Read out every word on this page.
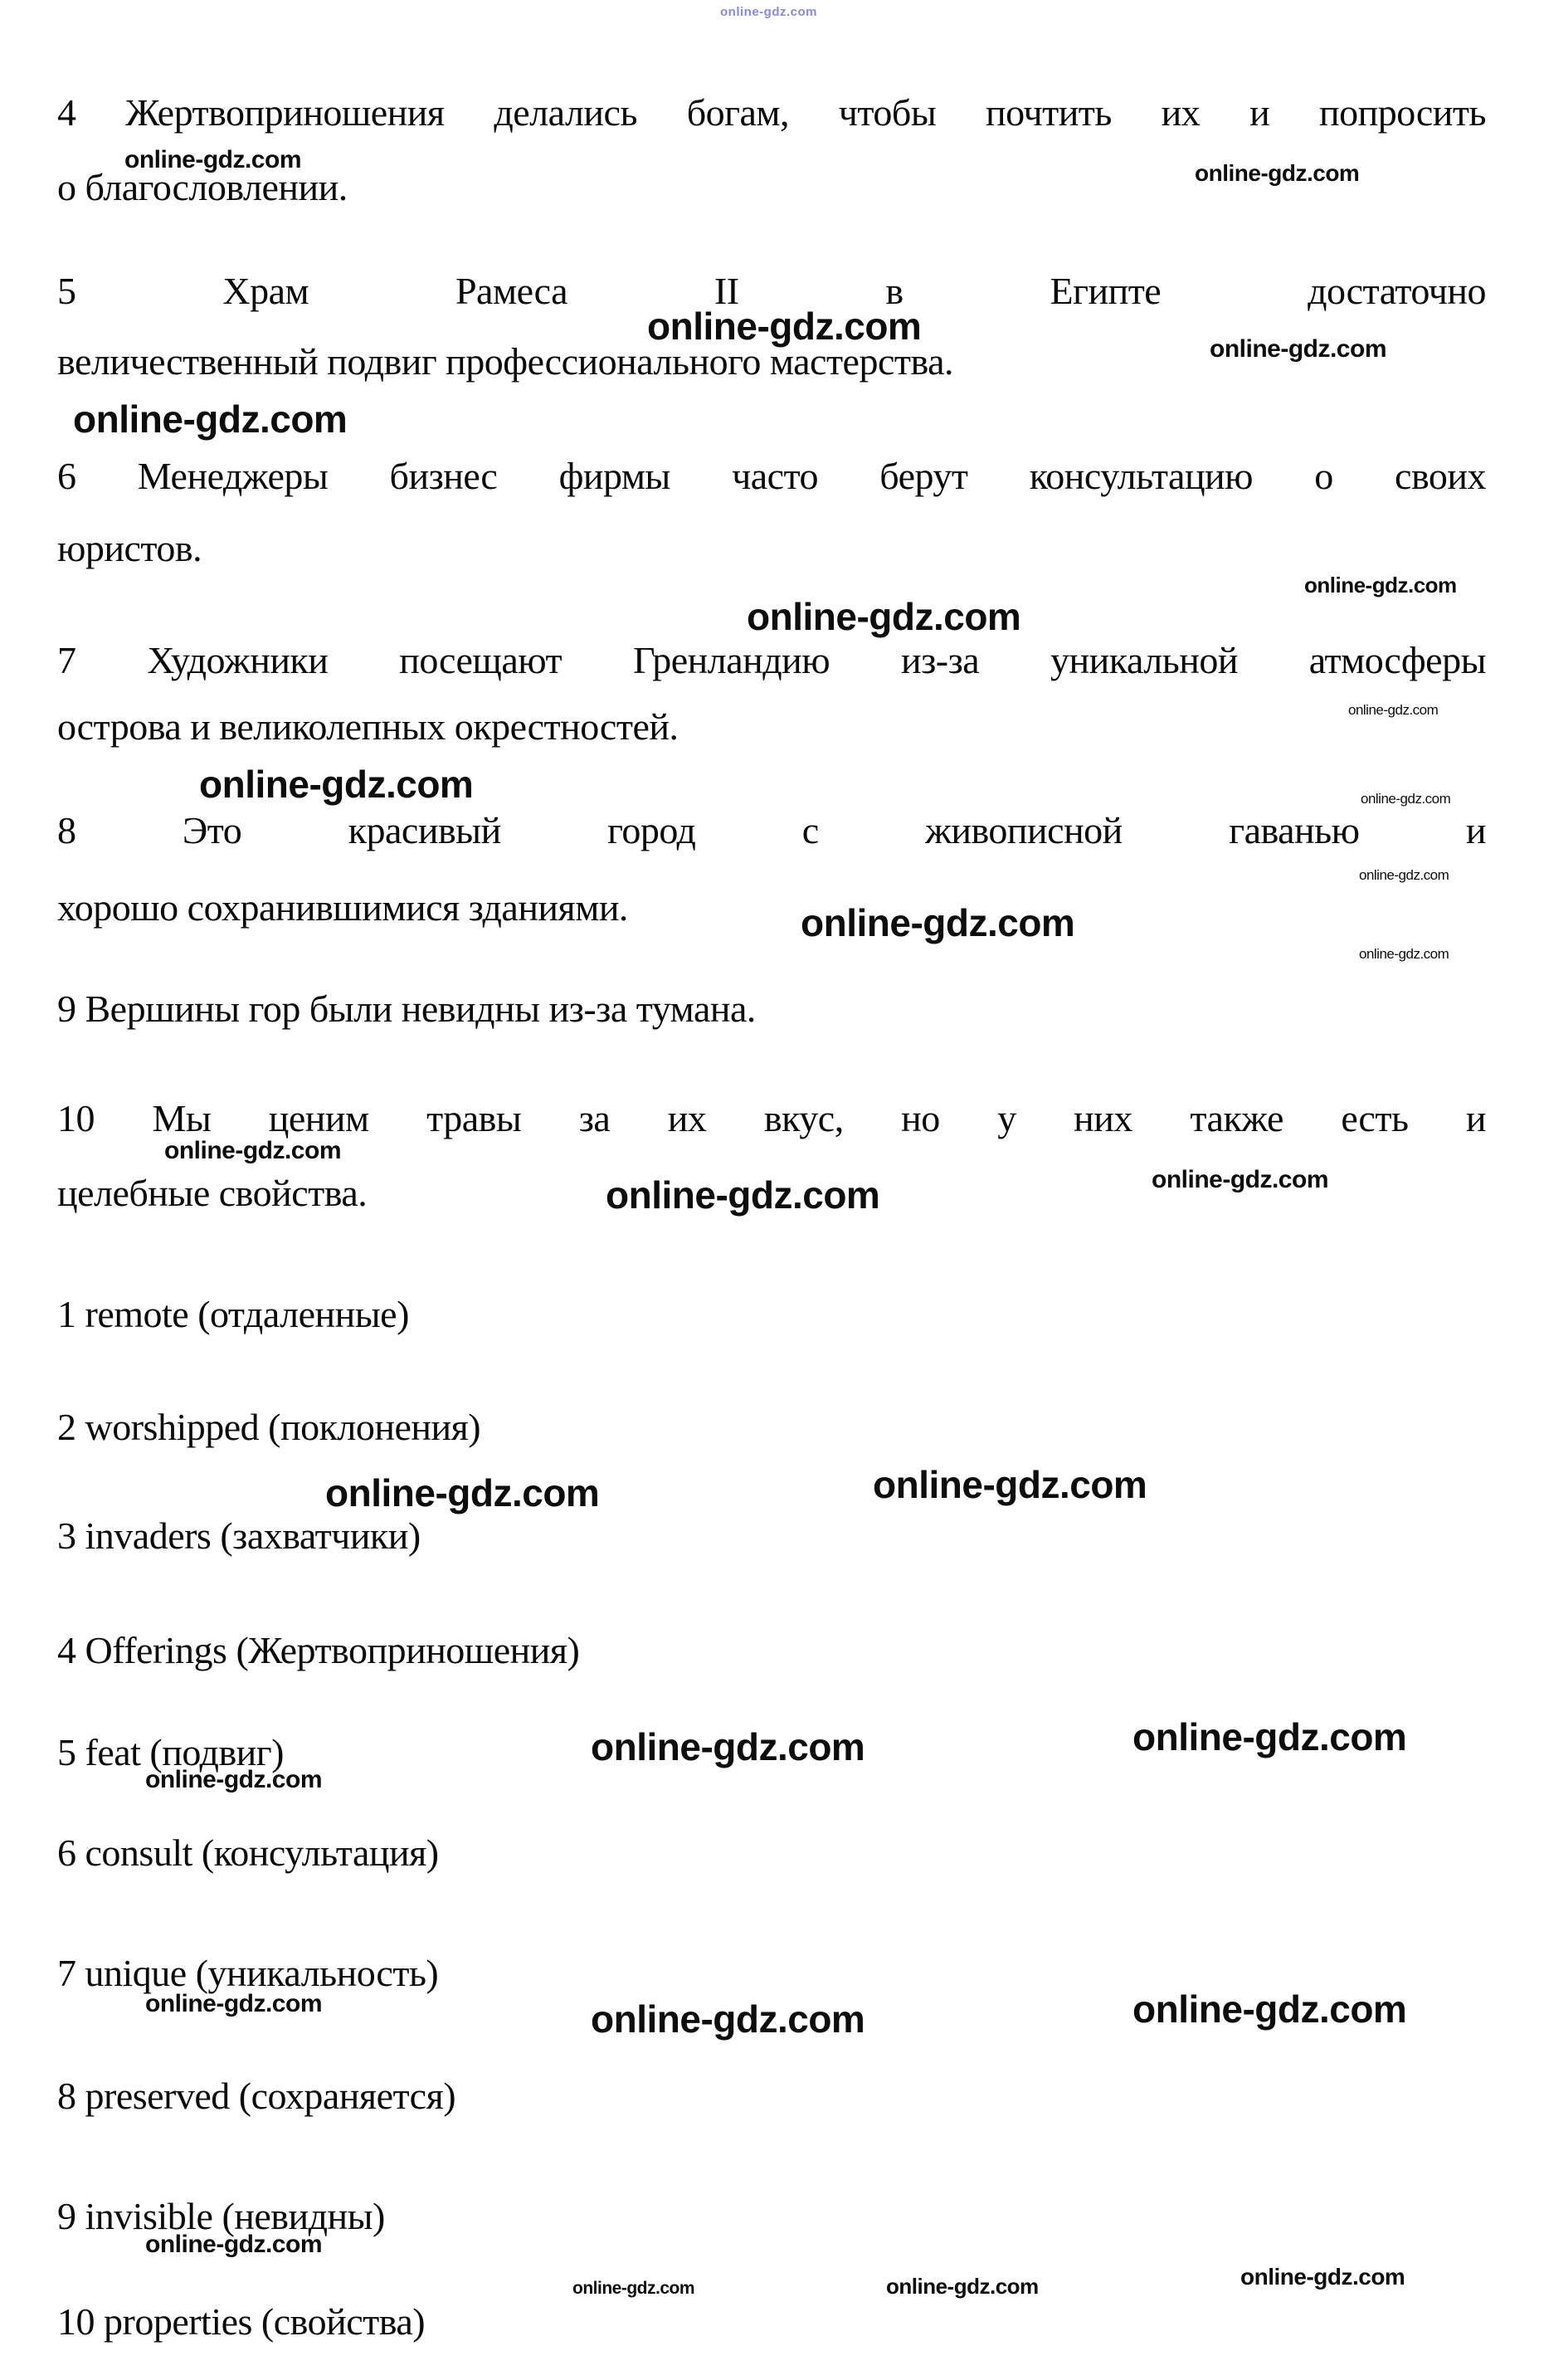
online-gdz.com
4 Жертвоприношения делались богам, чтобы почтить их и попросить
online-gdz.com	online-gdz.com
о благословлении.
5 Храм Рамеса II в Египте достаточно
online-gdz.com
величественный подвиг профессионального мастерства.	online-gdz.com
online-gdz.com
6 Менеджеры бизнес фирмы часто берут консультацию о своих
юристов.
online-gdz.com
online-gdz.com
7 Художники посещают Гренландию из-за уникальной атмосферы
острова и великолепных окрестностей.	online-gdz.com
online-gdz.com	online-gdz.com
8 Это красивый город с живописной гаванью и
online-gdz.com
хорошо сохранившимися зданиями.	online-gdz.com
online-gdz.com
9 Вершины гор были невидны из-за тумана.
10 Мы ценим травы за их вкус, но у них также есть и
online-gdz.com
целебные свойства.	online-gdz.com	online-gdz.com
1 remote (отдаленные)
2 worshipped (поклонения)
online-gdz.com	online-gdz.com
3 invaders (захватчики)
4 Offerings (Жертвоприношения)
5 feat (подвиг)	online-gdz.com	online-gdz.com
online-gdz.com
6 consult (консультация)
7 unique (уникальность)
online-gdz.com	online-gdz.com	online-gdz.com
8 preserved (сохраняется)
9 invisible (невидны)
online-gdz.com
online-gdz.com	online-gdz.com	online-gdz.com
10 properties (свойства)
